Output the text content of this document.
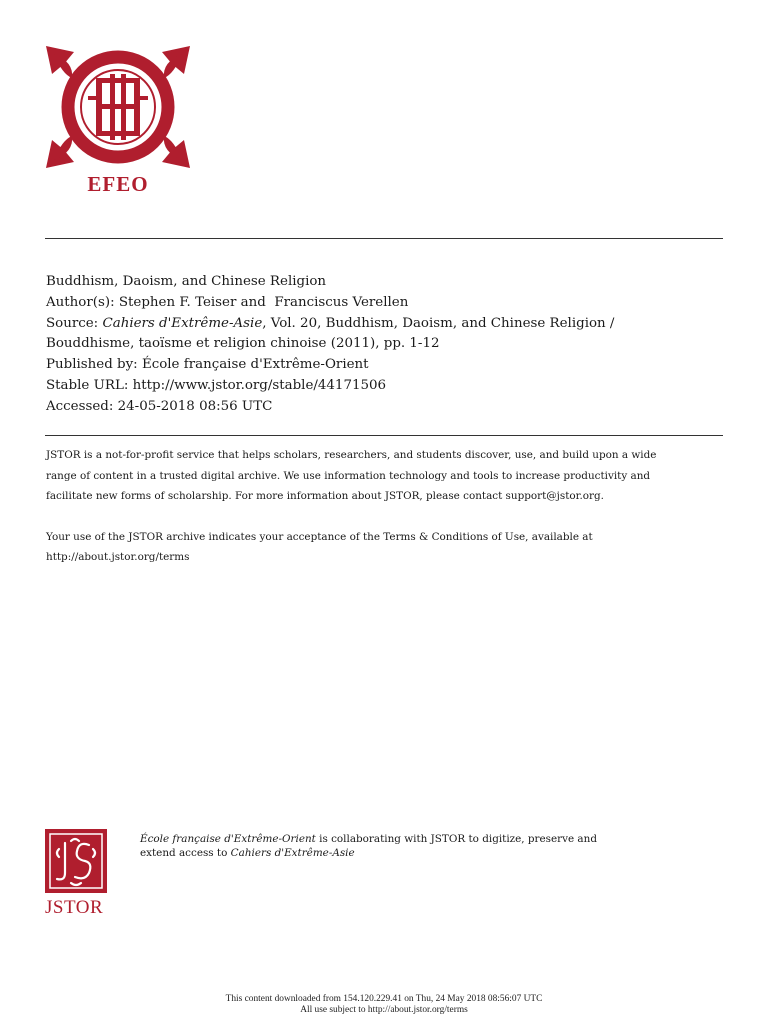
EFEO
Buddhism, Daoism, and Chinese Religion
Author(s): Stephen F. Teiser and  Franciscus Verellen
Source: Cahiers d'Extrême-Asie, Vol. 20, Buddhism, Daoism, and Chinese Religion /
Bouddhisme, taoïsme et religion chinoise (2011), pp. 1-12
Published by: École française d'Extrême-Orient
Stable URL: http://www.jstor.org/stable/44171506
Accessed: 24-05-2018 08:56 UTC

JSTOR is a not-for-profit service that helps scholars, researchers, and students discover, use, and build upon a wide

range of content in a trusted digital archive. We use information technology and tools to increase productivity and

facilitate new forms of scholarship. For more information about JSTOR, please contact support@jstor.org.

Your use of the JSTOR archive indicates your acceptance of the Terms & Conditions of Use, available at

http://about.jstor.org/terms

JSTOR
École française d'Extrême-Orient is collaborating with JSTOR to digitize, preserve and
extend access to Cahiers d'Extrême-Asie
This content downloaded from 154.120.229.41 on Thu, 24 May 2018 08:56:07 UTC
All use subject to http://about.jstor.org/terms
